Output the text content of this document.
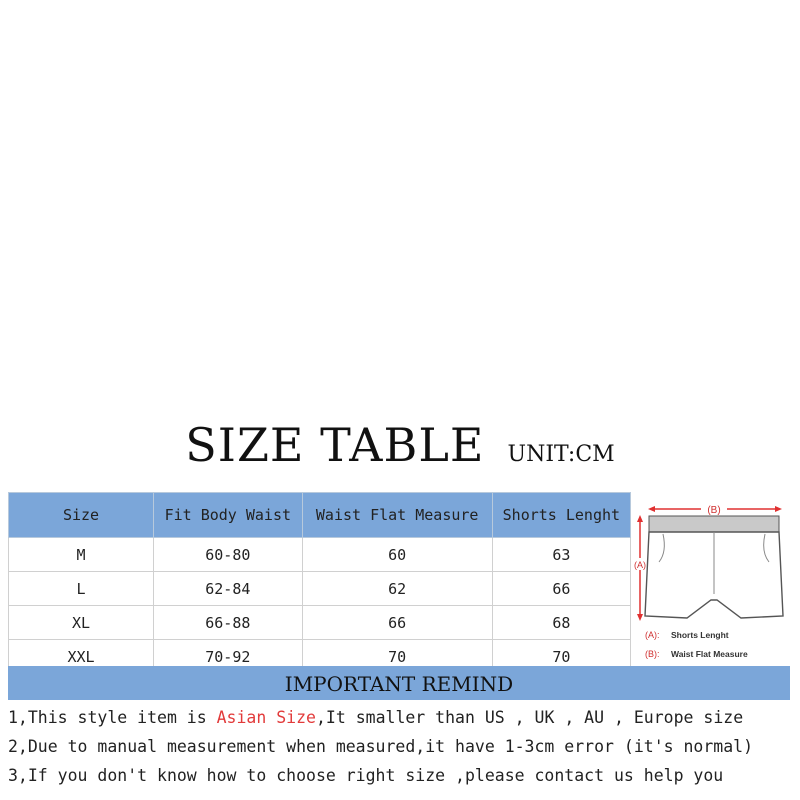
SIZE TABLE UNIT:CM
Size	Fit Body Waist	Waist Flat Measure	Shorts Lenght
M	60-80	60	63
L	62-84	62	66
XL	66-88	66	68
XXL	70-92	70	70
(B)
(A)
(A): Shorts Lenght
(B): Waist Flat Measure
IMPORTANT REMIND
1,This style item is Asian Size,It smaller than US , UK , AU , Europe size
2,Due to manual measurement when measured,it have 1-3cm error (it's normal)
3,If you don't know how to choose right size ,please contact us help you
